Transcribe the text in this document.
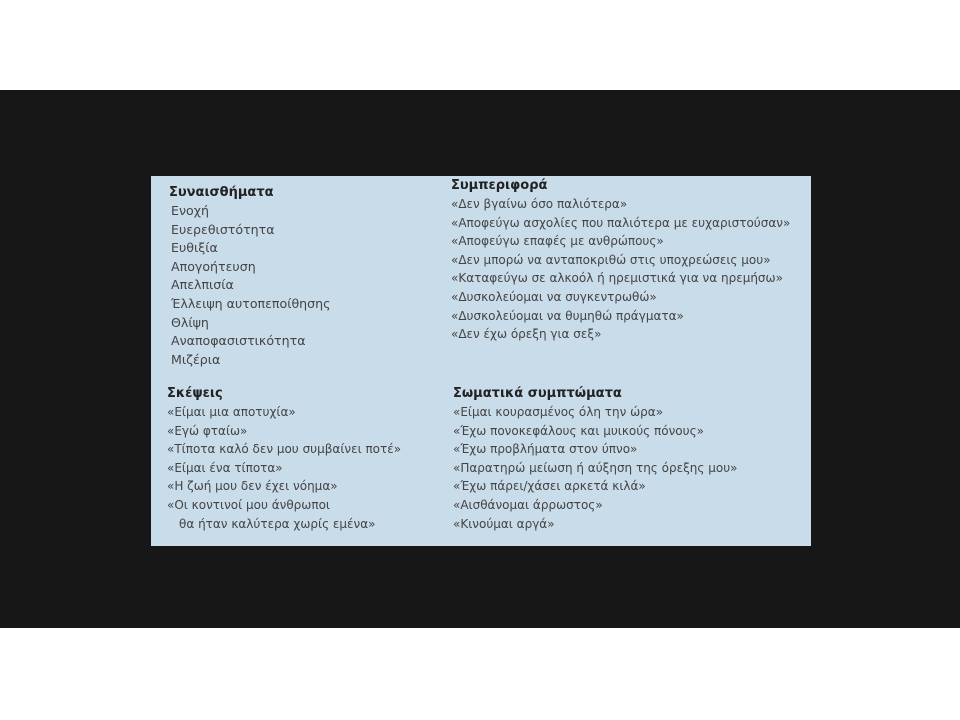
Συναισθήματα
Ενοχή
Ευερεθιστότητα
Ευθιξία
Απογοήτευση
Απελπισία
Έλλειψη αυτοπεποίθησης
Θλίψη
Αναποφασιστικότητα
Μιζέρια
Συμπεριφορά
«Δεν βγαίνω όσο παλιότερα»
«Αποφεύγω ασχολίες που παλιότερα με ευχαριστούσαν»
«Αποφεύγω επαφές με ανθρώπους»
«Δεν μπορώ να ανταποκριθώ στις υποχρεώσεις μου»
«Καταφεύγω σε αλκοόλ ή ηρεμιστικά για να ηρεμήσω»
«Δυσκολεύομαι να συγκεντρωθώ»
«Δυσκολεύομαι να θυμηθώ πράγματα»
«Δεν έχω όρεξη για σεξ»
Σκέψεις
«Είμαι μια αποτυχία»
«Εγώ φταίω»
«Τίποτα καλό δεν μου συμβαίνει ποτέ»
«Είμαι ένα τίποτα»
«Η ζωή μου δεν έχει νόημα»
«Οι κοντινοί μου άνθρωποι
θα ήταν καλύτερα χωρίς εμένα»
Σωματικά συμπτώματα
«Είμαι κουρασμένος όλη την ώρα»
«Έχω πονοκεφάλους και μυικούς πόνους»
«Έχω προβλήματα στον ύπνο»
«Παρατηρώ μείωση ή αύξηση της όρεξης μου»
«Έχω πάρει/χάσει αρκετά κιλά»
«Αισθάνομαι άρρωστος»
«Κινούμαι αργά»
